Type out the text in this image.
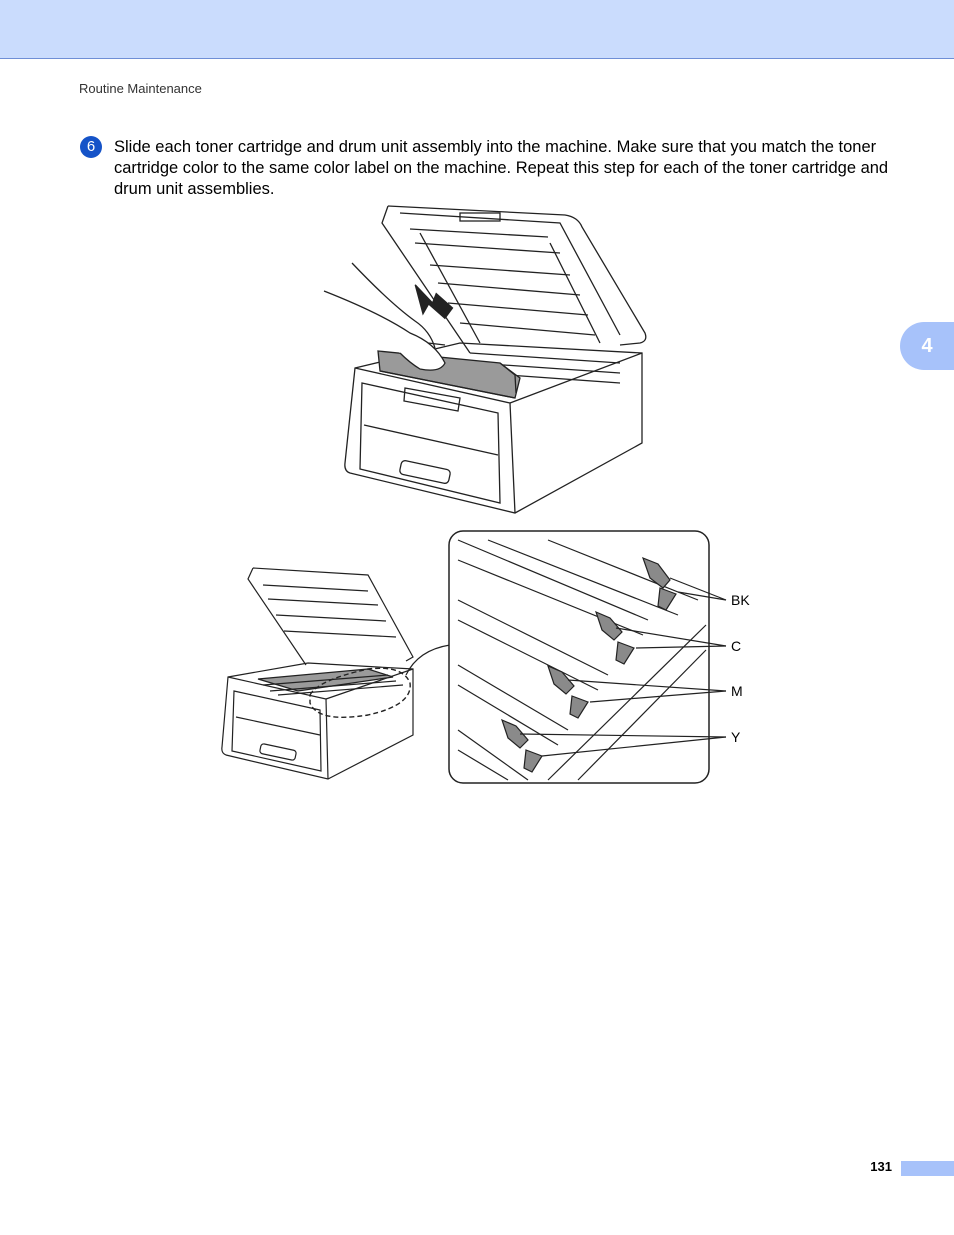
Routine Maintenance
4
6	Slide each toner cartridge and drum unit assembly into the machine. Make sure that you match the toner cartridge color to the same color label on the machine. Repeat this step for each of the toner cartridge and drum unit assemblies.
BK
C
M
Y
131
